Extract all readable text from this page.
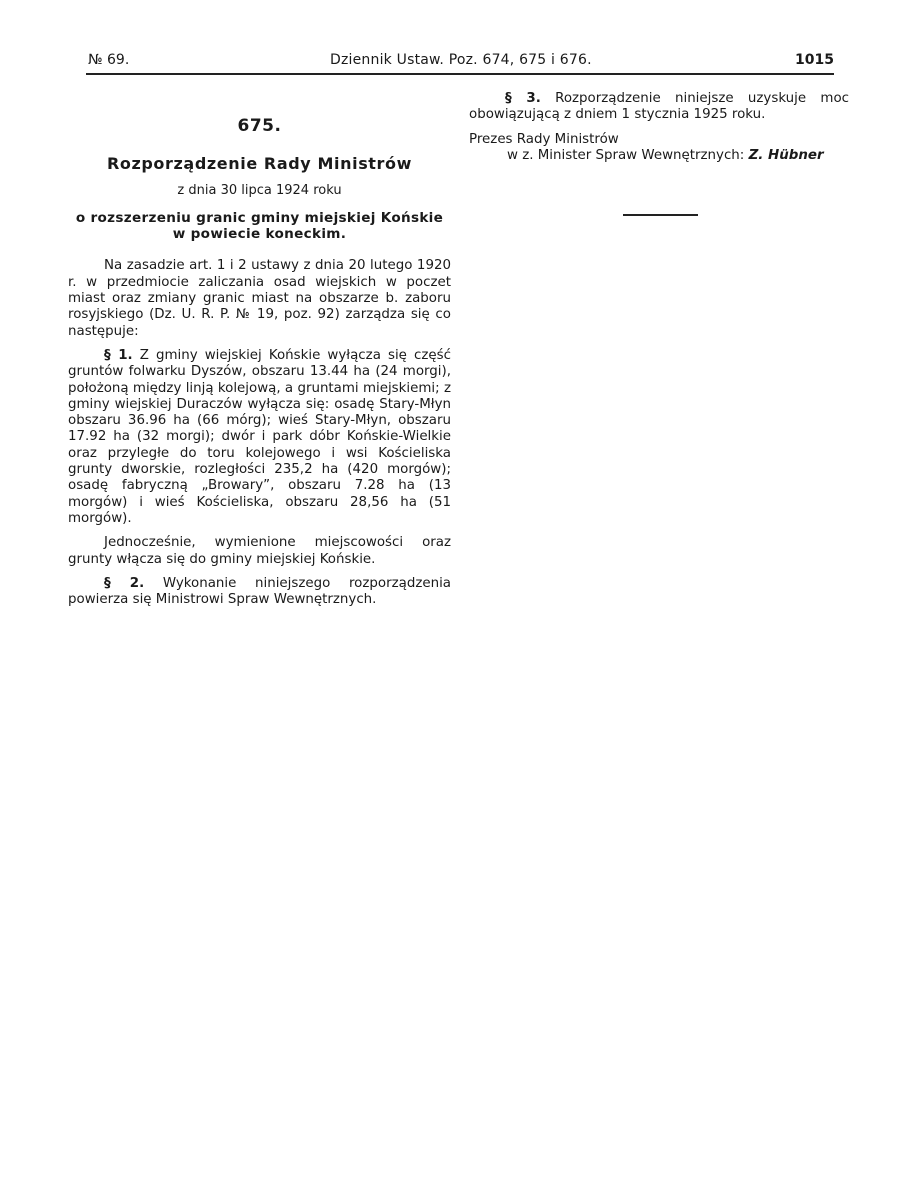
№ 69.	Dziennik Ustaw. Poz. 674, 675 i 676.	1015
675.
Rozporządzenie Rady Ministrów
z dnia 30 lipca 1924 roku
o rozszerzeniu granic gminy miejskiej Końskie w powiecie koneckim.

Na zasadzie art. 1 i 2 ustawy z dnia 20 lutego 1920 r. w przedmiocie zaliczania osad wiejskich w poczet miast oraz zmiany granic miast na obszarze b. zaboru rosyjskiego (Dz. U. R. P. № 19, poz. 92) zarządza się co następuje:

§ 1. Z gminy wiejskiej Końskie wyłącza się część gruntów folwarku Dyszów, obszaru 13.44 ha (24 morgi), położoną między linją kolejową, a gruntami miejskiemi; z gminy wiejskiej Duraczów wyłącza się: osadę Stary-Młyn obszaru 36.96 ha (66 mórg); wieś Stary-Młyn, obszaru 17.92 ha (32 morgi); dwór i park dóbr Końskie-Wielkie oraz przyległe do toru kolejowego i wsi Kościeliska grunty dworskie, rozległości 235,2 ha (420 morgów); osadę fabryczną „Browary”, obszaru 7.28 ha (13 morgów) i wieś Kościeliska, obszaru 28,56 ha (51 morgów).

Jednocześnie, wymienione miejscowości oraz grunty włącza się do gminy miejskiej Końskie.

§ 2. Wykonanie niniejszego rozporządzenia powierza się Ministrowi Spraw Wewnętrznych.

§ 3. Rozporządzenie niniejsze uzyskuje moc obowiązującą z dniem 1 stycznia 1925 roku.

Prezes Rady Ministrów
w z. Minister Spraw Wewnętrznych: Z. Hübner
